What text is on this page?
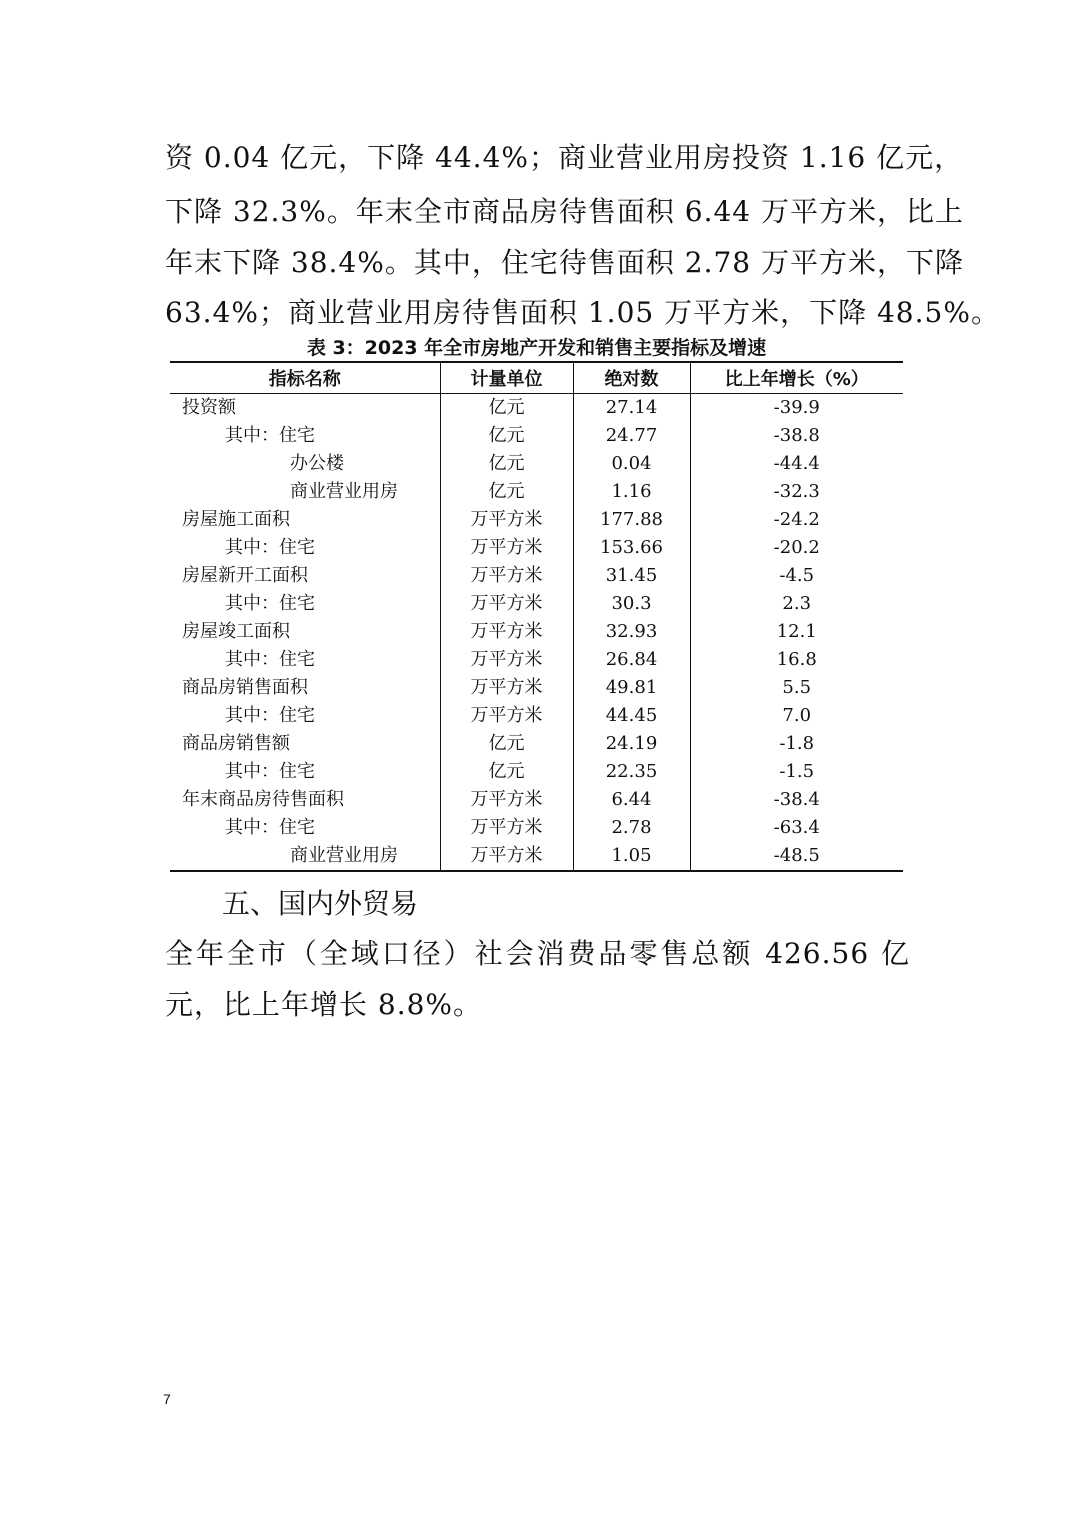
资 0.04 亿元，下降 44.4%；商业营业用房投资 1.16 亿元，
下降 32.3%。年末全市商品房待售面积 6.44 万平方米，比上
年末下降 38.4%。其中，住宅待售面积 2.78 万平方米，下降
63.4%；商业营业用房待售面积 1.05 万平方米，下降 48.5%。
表 3：2023 年全市房地产开发和销售主要指标及增速
指标名称	计量单位	绝对数	比上年增长（%）
投资额	亿元	27.14	-39.9
其中：住宅	亿元	24.77	-38.8
办公楼	亿元	0.04	-44.4
商业营业用房	亿元	1.16	-32.3
房屋施工面积	万平方米	177.88	-24.2
其中：住宅	万平方米	153.66	-20.2
房屋新开工面积	万平方米	31.45	-4.5
其中：住宅	万平方米	30.3	2.3
房屋竣工面积	万平方米	32.93	12.1
其中：住宅	万平方米	26.84	16.8
商品房销售面积	万平方米	49.81	5.5
其中：住宅	万平方米	44.45	7.0
商品房销售额	亿元	24.19	-1.8
其中：住宅	亿元	22.35	-1.5
年末商品房待售面积	万平方米	6.44	-38.4
其中：住宅	万平方米	2.78	-63.4
商业营业用房	万平方米	1.05	-48.5
五、国内外贸易
全年全市（全域口径）社会消费品零售总额 426.56 亿
元，比上年增长 8.8%。
7
